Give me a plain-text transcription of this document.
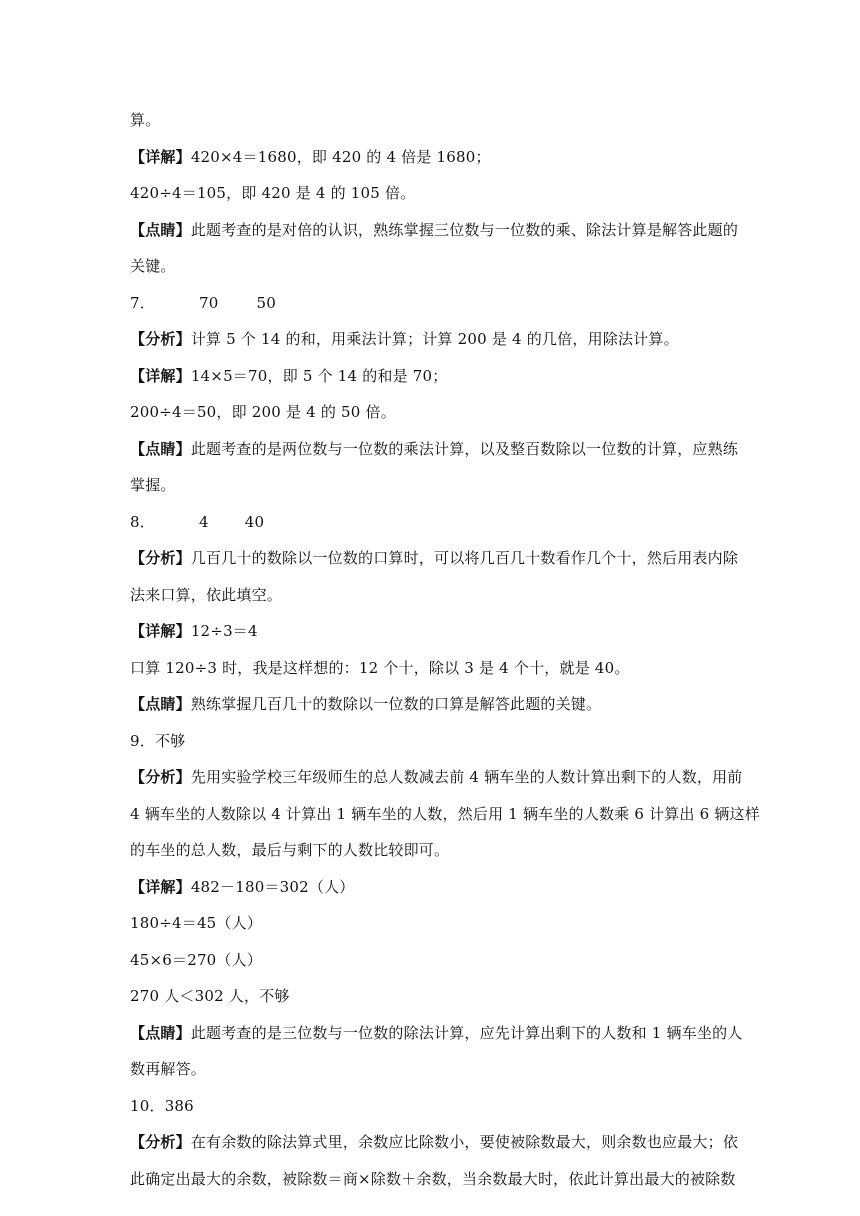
算。
【详解】420×4＝1680，即 420 的 4 倍是 1680；
420÷4＝105，即 420 是 4 的 105 倍。
【点睛】此题考查的是对倍的认识，熟练掌握三位数与一位数的乘、除法计算是解答此题的
关键。
7．	70	50
【分析】计算 5 个 14 的和，用乘法计算；计算 200 是 4 的几倍，用除法计算。
【详解】14×5＝70，即 5 个 14 的和是 70；
200÷4＝50，即 200 是 4 的 50 倍。
【点睛】此题考查的是两位数与一位数的乘法计算，以及整百数除以一位数的计算，应熟练
掌握。
8．	4 40
【分析】几百几十的数除以一位数的口算时，可以将几百几十数看作几个十，然后用表内除
法来口算，依此填空。
【详解】12÷3＝4
口算 120÷3 时，我是这样想的：12 个十，除以 3 是 4 个十，就是 40。
【点睛】熟练掌握几百几十的数除以一位数的口算是解答此题的关键。
9．不够
【分析】先用实验学校三年级师生的总人数减去前 4 辆车坐的人数计算出剩下的人数，用前
4 辆车坐的人数除以 4 计算出 1 辆车坐的人数，然后用 1 辆车坐的人数乘 6 计算出 6 辆这样
的车坐的总人数，最后与剩下的人数比较即可。
【详解】482－180＝302（人）
180÷4＝45（人）
45×6＝270（人）
270 人＜302 人，不够
【点睛】此题考查的是三位数与一位数的除法计算，应先计算出剩下的人数和 1 辆车坐的人
数再解答。
10．386
【分析】在有余数的除法算式里，余数应比除数小，要使被除数最大，则余数也应最大；依
此确定出最大的余数，被除数＝商×除数＋余数，当余数最大时，依此计算出最大的被除数
